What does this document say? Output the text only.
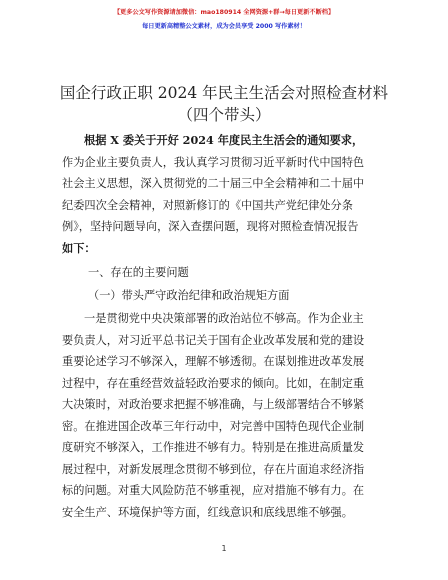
【更多公文写作资源请加微信：mao180914 全网资源+群→每日更新不断档】
每日更新高精整公文素材，成为会员享受 2000 写作素材！
国企行政正职 2024 年民主生活会对照检查材料
（四个带头）
根据 X 委关于开好 2024 年度民主生活会的通知要求，
作为企业主要负责人，我认真学习贯彻习近平新时代中国特色
社会主义思想，深入贯彻党的二十届三中全会精神和二十届中
纪委四次全会精神，对照新修订的《中国共产党纪律处分条
例》，坚持问题导向，深入查摆问题，现将对照检查情况报告
如下：
一、存在的主要问题
（一）带头严守政治纪律和政治规矩方面
一是贯彻党中央决策部署的政治站位不够高。作为企业主
要负责人，对习近平总书记关于国有企业改革发展和党的建设
重要论述学习不够深入，理解不够透彻。在谋划推进改革发展
过程中，存在重经营效益轻政治要求的倾向。比如，在制定重
大决策时，对政治要求把握不够准确，与上级部署结合不够紧
密。在推进国企改革三年行动中，对完善中国特色现代企业制
度研究不够深入，工作推进不够有力。特别是在推进高质量发
展过程中，对新发展理念贯彻不够到位，存在片面追求经济指
标的问题。对重大风险防范不够重视，应对措施不够有力。在
安全生产、环境保护等方面，红线意识和底线思维不够强。
1
